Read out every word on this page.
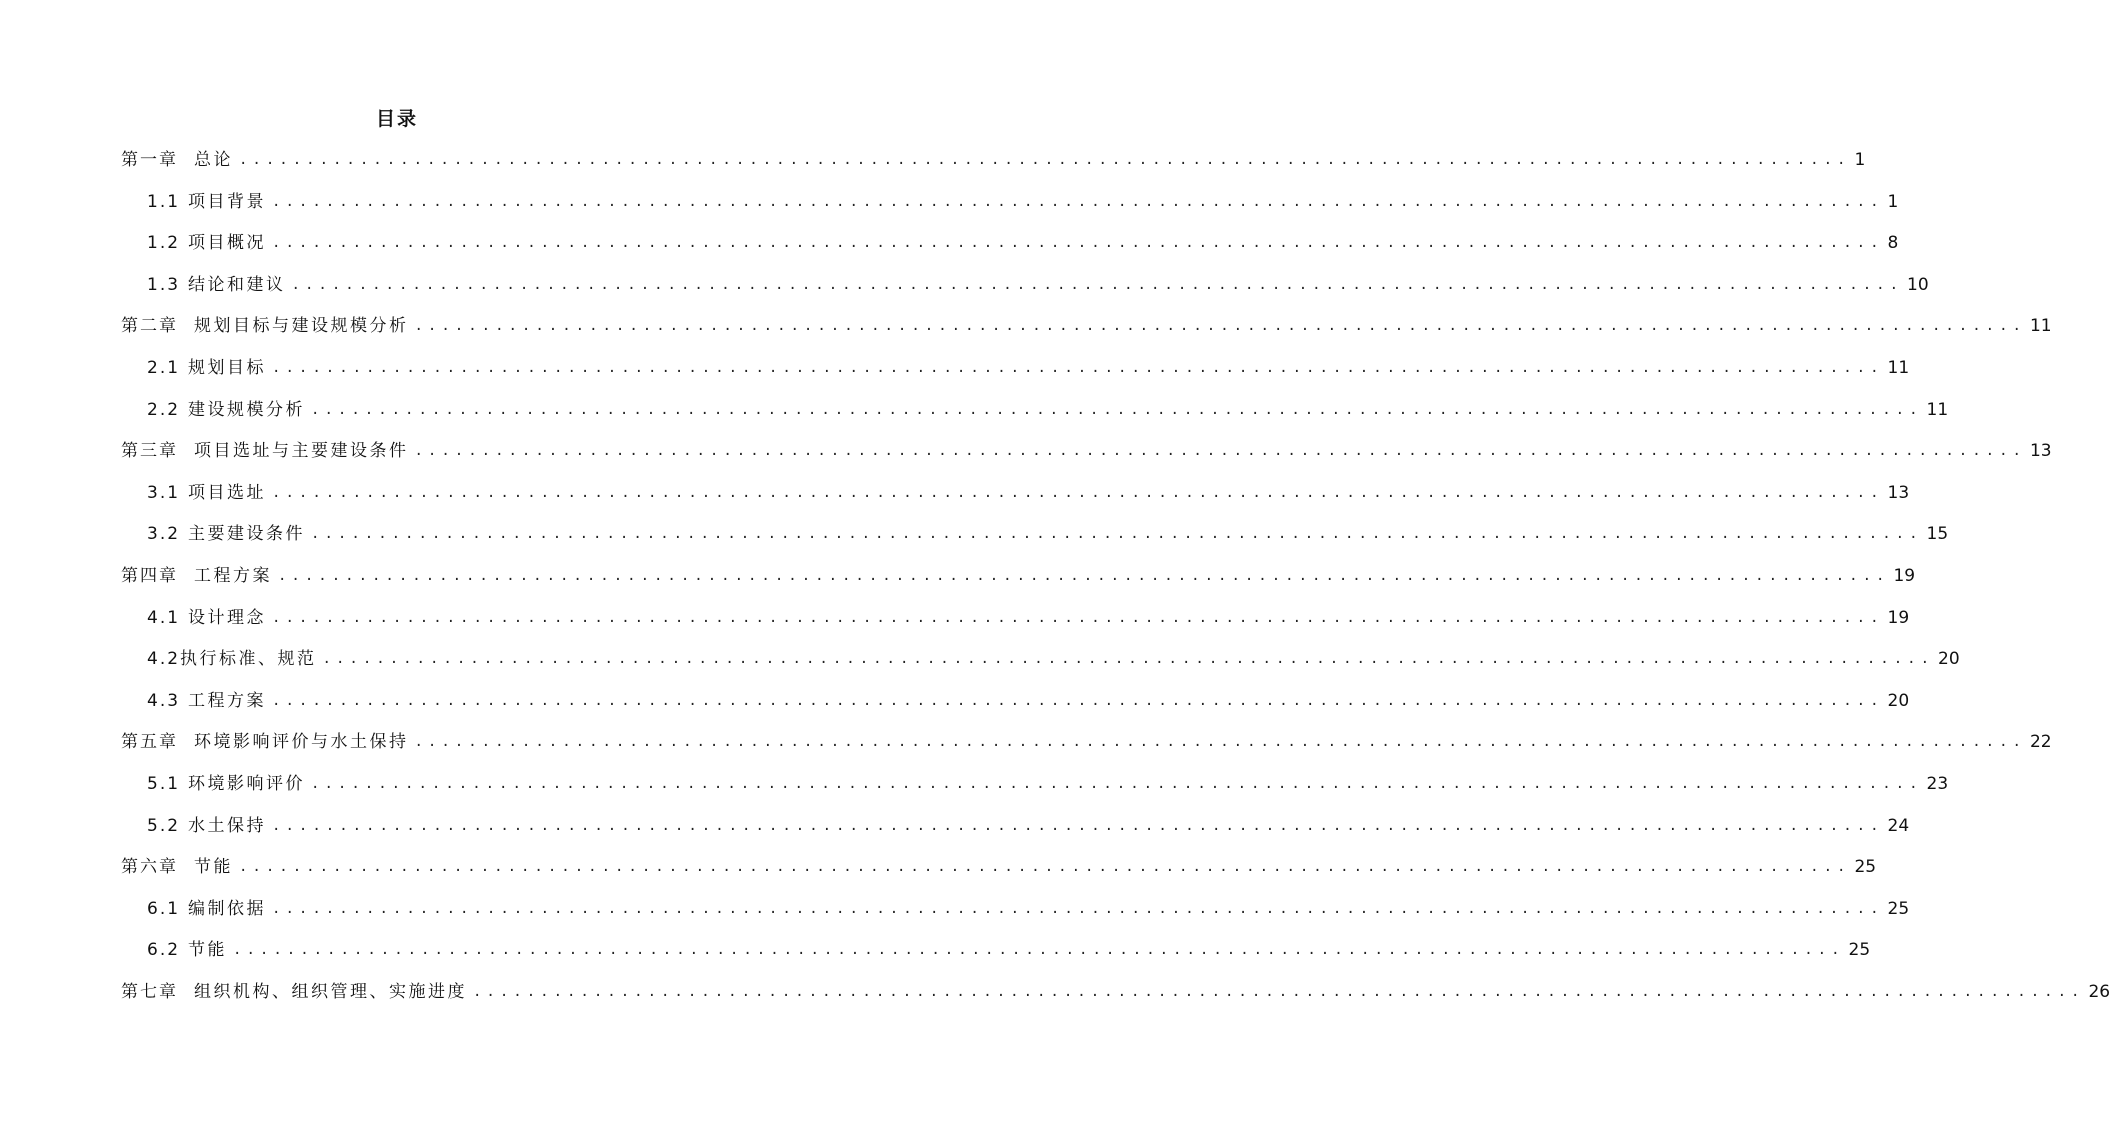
目录
第一章 总论 ........................................................................................................................ 1
1.1 项目背景 ........................................................................................................................ 1
1.2 项目概况 ........................................................................................................................ 8
1.3 结论和建议 ........................................................................................................................ 10
第二章 规划目标与建设规模分析 ........................................................................................................................ 11
2.1 规划目标 ........................................................................................................................ 11
2.2 建设规模分析 ........................................................................................................................ 11
第三章 项目选址与主要建设条件 ........................................................................................................................ 13
3.1 项目选址 ........................................................................................................................ 13
3.2 主要建设条件 ........................................................................................................................ 15
第四章 工程方案 ........................................................................................................................ 19
4.1 设计理念 ........................................................................................................................ 19
4.2执行标准、规范 ........................................................................................................................ 20
4.3 工程方案 ........................................................................................................................ 20
第五章 环境影响评价与水土保持 ........................................................................................................................ 22
5.1 环境影响评价 ........................................................................................................................ 23
5.2 水土保持 ........................................................................................................................ 24
第六章 节能 ........................................................................................................................ 25
6.1 编制依据 ........................................................................................................................ 25
6.2 节能 ........................................................................................................................ 25
第七章 组织机构、组织管理、实施进度 ........................................................................................................................ 26
